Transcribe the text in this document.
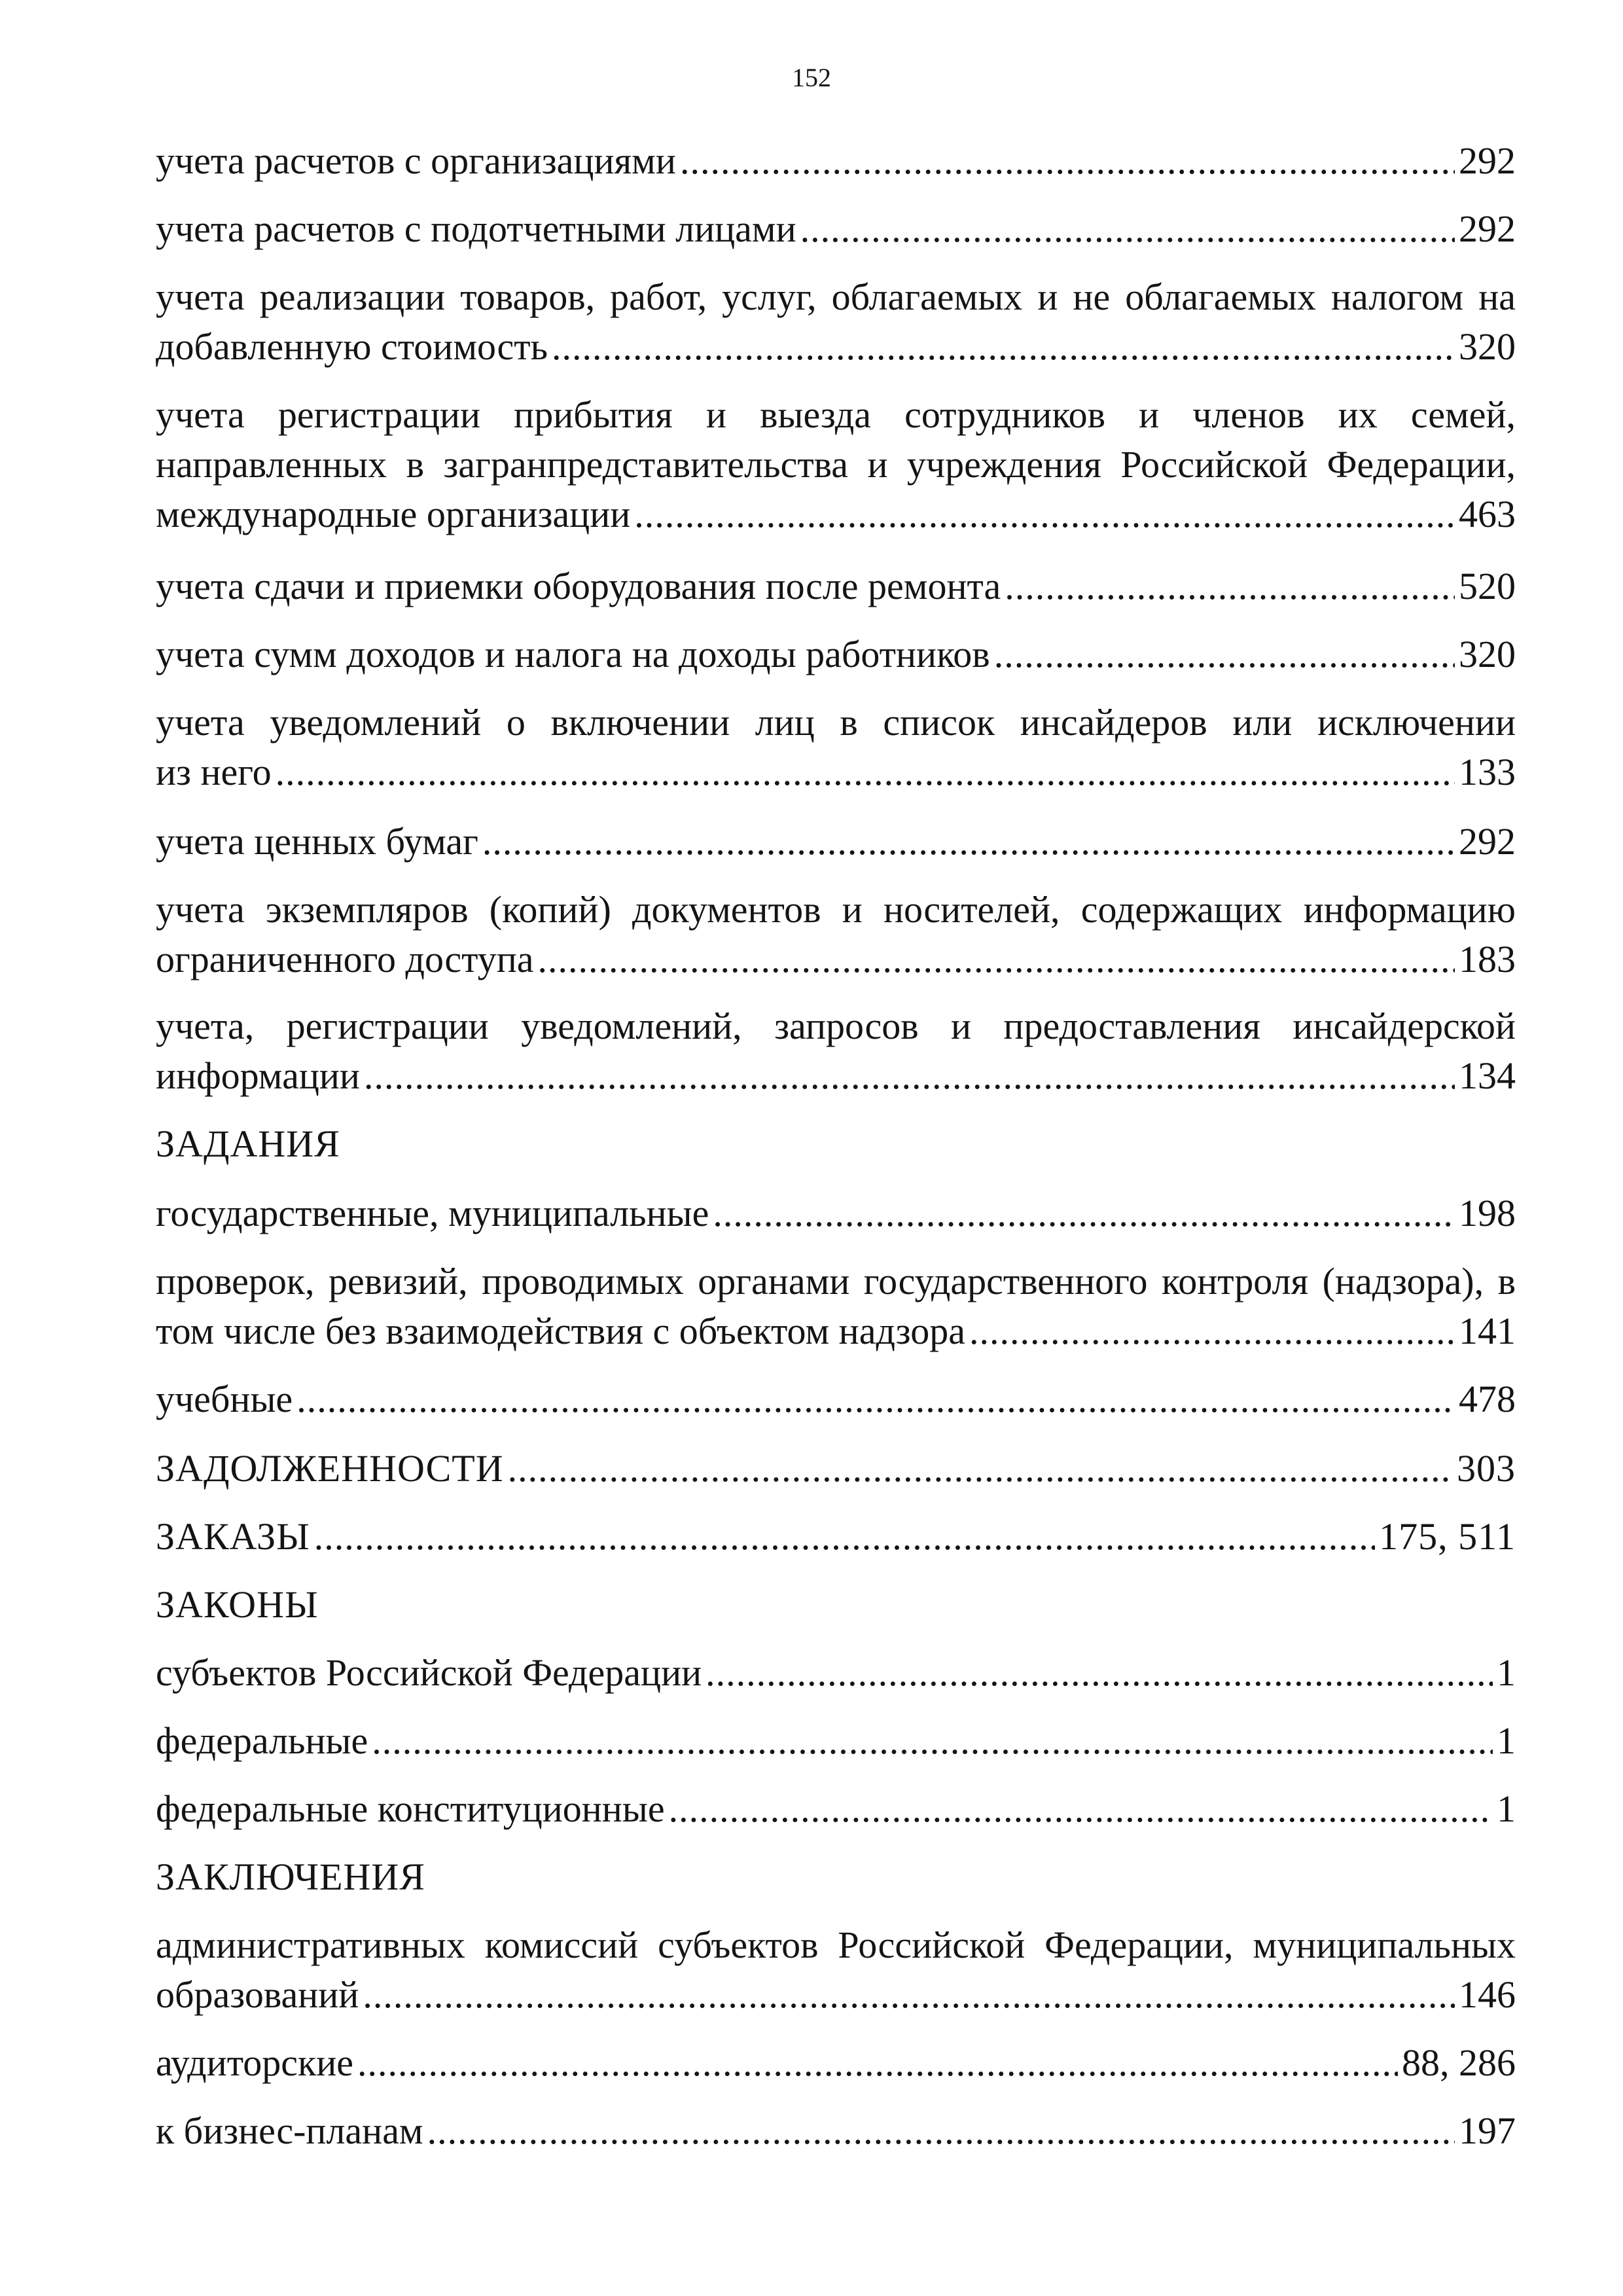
152
учета расчетов с организациями .....	292
учета расчетов с подотчетными лицами .....	292
учета реализации товаров, работ, услуг, облагаемых и не облагаемых налогом на
добавленную стоимость .....	320
учета регистрации прибытия и выезда сотрудников и членов их семей,
направленных в загранпредставительства и учреждения Российской Федерации,
международные организации .....	463
учета сдачи и приемки оборудования после ремонта .....	520
учета сумм доходов и налога на доходы работников .....	320
учета уведомлений о включении лиц в список инсайдеров или исключении
из него .....	133
учета ценных бумаг .....	292
учета экземпляров (копий) документов и носителей, содержащих информацию
ограниченного доступа .....	183
учета, регистрации уведомлений, запросов и предоставления инсайдерской
информации .....	134
ЗАДАНИЯ
государственные, муниципальные .....	198
проверок, ревизий, проводимых органами государственного контроля (надзора), в
том числе без взаимодействия с объектом надзора .....	141
учебные .....	478
ЗАДОЛЖЕННОСТИ .....	303
ЗАКАЗЫ .....	175, 511
ЗАКОНЫ
субъектов Российской Федерации .....	1
федеральные .....	1
федеральные конституционные .....	1
ЗАКЛЮЧЕНИЯ
административных комиссий субъектов Российской Федерации, муниципальных
образований .....	146
аудиторские .....	88, 286
к бизнес-планам .....	197
